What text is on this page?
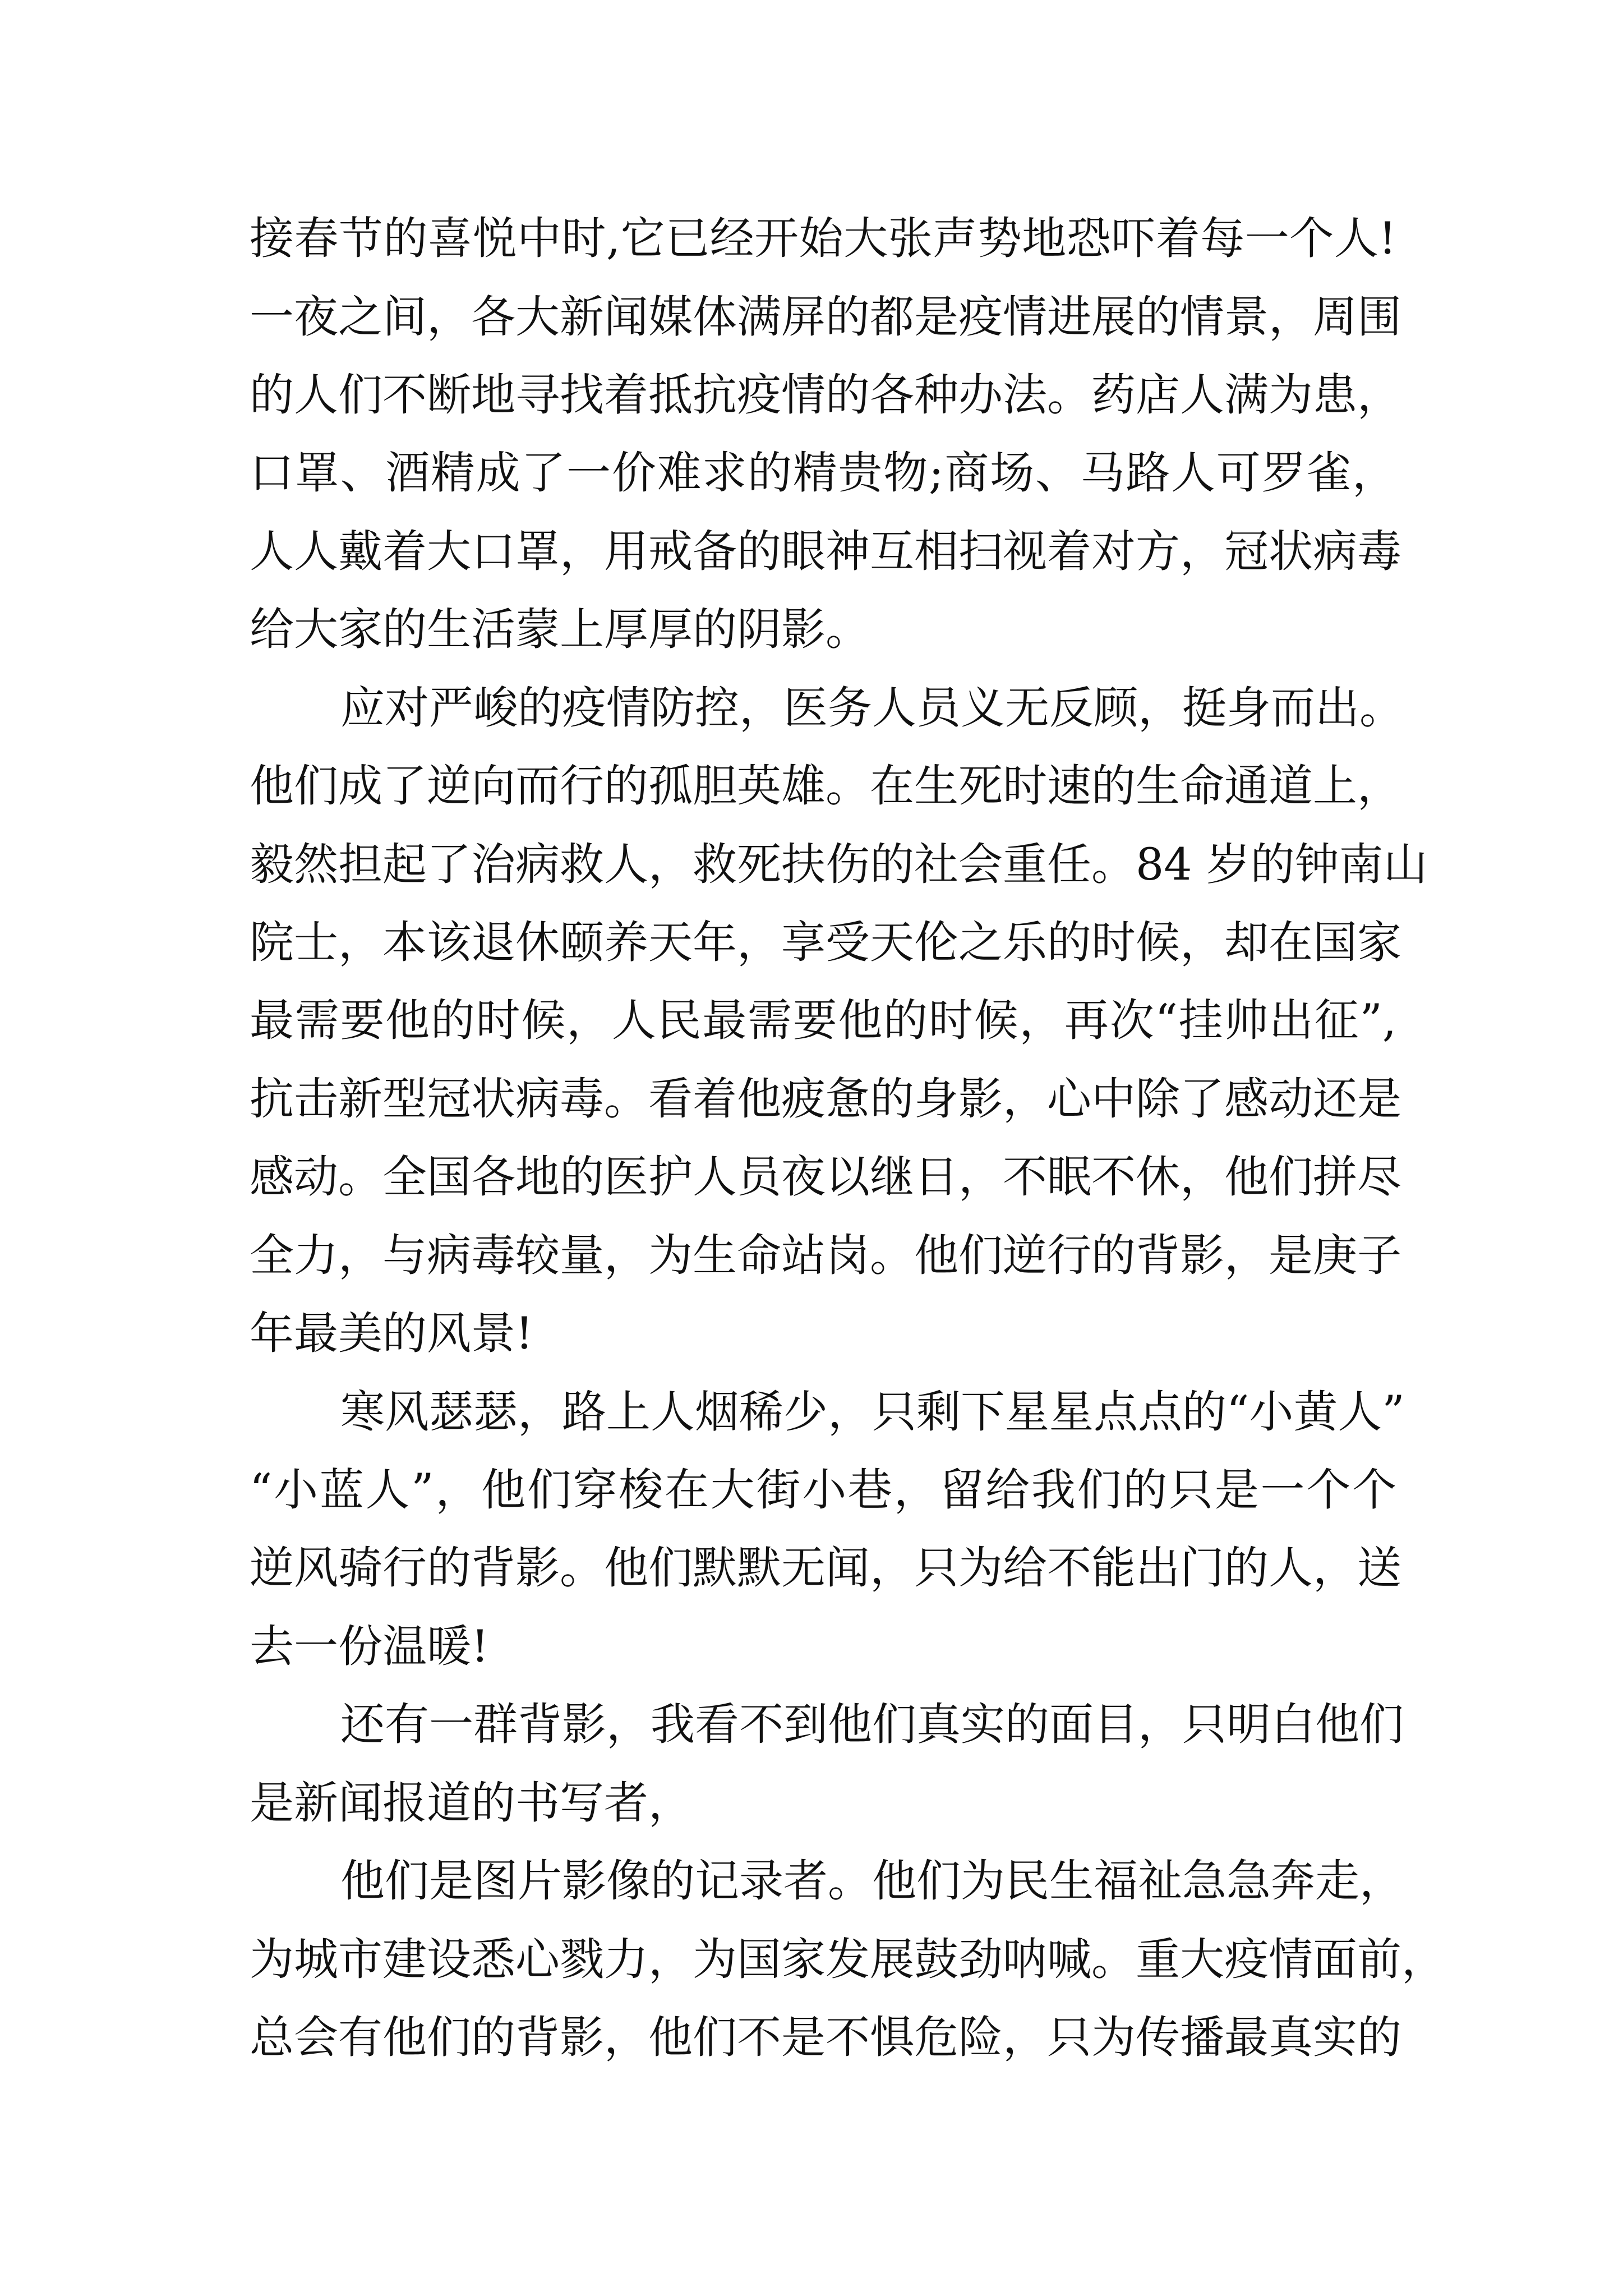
接春节的喜悦中时,它已经开始大张声势地恐吓着每一个人!
一夜之间，各大新闻媒体满屏的都是疫情进展的情景，周围
的人们不断地寻找着抵抗疫情的各种办法。药店人满为患，
口罩、酒精成了一价难求的精贵物;商场、马路人可罗雀，
人人戴着大口罩，用戒备的眼神互相扫视着对方，冠状病毒
给大家的生活蒙上厚厚的阴影。
应对严峻的疫情防控，医务人员义无反顾，挺身而出。
他们成了逆向而行的孤胆英雄。在生死时速的生命通道上，
毅然担起了治病救人，救死扶伤的社会重任。84 岁的钟南山
院士，本该退休颐养天年，享受天伦之乐的时候，却在国家
最需要他的时候，人民最需要他的时候，再次“挂帅出征”,
抗击新型冠状病毒。看着他疲惫的身影，心中除了感动还是
感动。全国各地的医护人员夜以继日，不眠不休，他们拼尽
全力，与病毒较量，为生命站岗。他们逆行的背影，是庚子
年最美的风景!
寒风瑟瑟，路上人烟稀少，只剩下星星点点的“小黄人”
“小蓝人”，他们穿梭在大街小巷，留给我们的只是一个个
逆风骑行的背影。他们默默无闻，只为给不能出门的人，送
去一份温暖!
还有一群背影，我看不到他们真实的面目，只明白他们
是新闻报道的书写者，
他们是图片影像的记录者。他们为民生福祉急急奔走，
为城市建设悉心戮力，为国家发展鼓劲呐喊。重大疫情面前，
总会有他们的背影，他们不是不惧危险，只为传播最真实的
